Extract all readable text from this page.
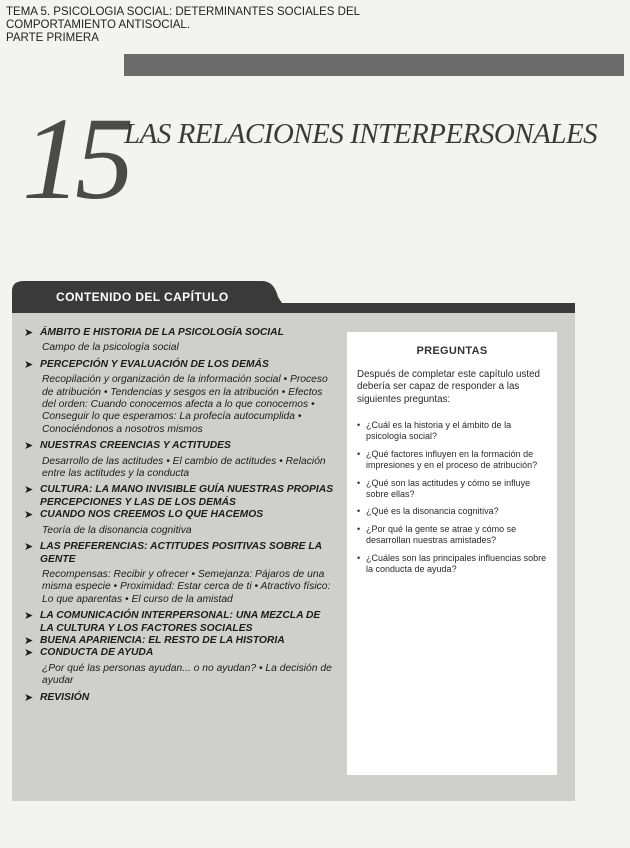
TEMA 5. PSICOLOGIA SOCIAL: DETERMINANTES SOCIALES DEL
COMPORTAMIENTO ANTISOCIAL.
PARTE PRIMERA
15
LAS RELACIONES INTERPERSONALES
CONTENIDO DEL CAPÍTULO
➤ ÁMBITO E HISTORIA DE LA PSICOLOGÍA SOCIAL
Campo de la psicología social
➤ PERCEPCIÓN Y EVALUACIÓN DE LOS DEMÁS
Recopilación y organización de la información social • Proceso de atribución • Tendencias y sesgos en la atribución • Efectos del orden: Cuando conocemos afecta a lo que conocemos • Conseguir lo que esperamos: La profecía autocumplida • Conociéndonos a nosotros mismos
➤ NUESTRAS CREENCIAS Y ACTITUDES
Desarrollo de las actitudes • El cambio de actitudes • Relación entre las actitudes y la conducta
➤ CULTURA: LA MANO INVISIBLE GUÍA NUESTRAS PROPIAS PERCEPCIONES Y LAS DE LOS DEMÁS
➤ CUANDO NOS CREEMOS LO QUE HACEMOS
Teoría de la disonancia cognitiva
➤ LAS PREFERENCIAS: ACTITUDES POSITIVAS SOBRE LA GENTE
Recompensas: Recibir y ofrecer • Semejanza: Pájaros de una misma especie • Proximidad: Estar cerca de ti • Atractivo físico: Lo que aparentas • El curso de la amistad
➤ LA COMUNICACIÓN INTERPERSONAL: UNA MEZCLA DE LA CULTURA Y LOS FACTORES SOCIALES
➤ BUENA APARIENCIA: EL RESTO DE LA HISTORIA
➤ CONDUCTA DE AYUDA
¿Por qué las personas ayudan... o no ayudan? • La decisión de ayudar
➤ REVISIÓN
PREGUNTAS
Después de completar este capítulo usted debería ser capaz de responder a las siguientes preguntas:
• ¿Cuál es la historia y el ámbito de la psicología social?
• ¿Qué factores influyen en la formación de impresiones y en el proceso de atribución?
• ¿Qué son las actitudes y cómo se influye sobre ellas?
• ¿Qué es la disonancia cognitiva?
• ¿Por qué la gente se atrae y cómo se desarrollan nuestras amistades?
• ¿Cuáles son las principales influencias sobre la conducta de ayuda?
